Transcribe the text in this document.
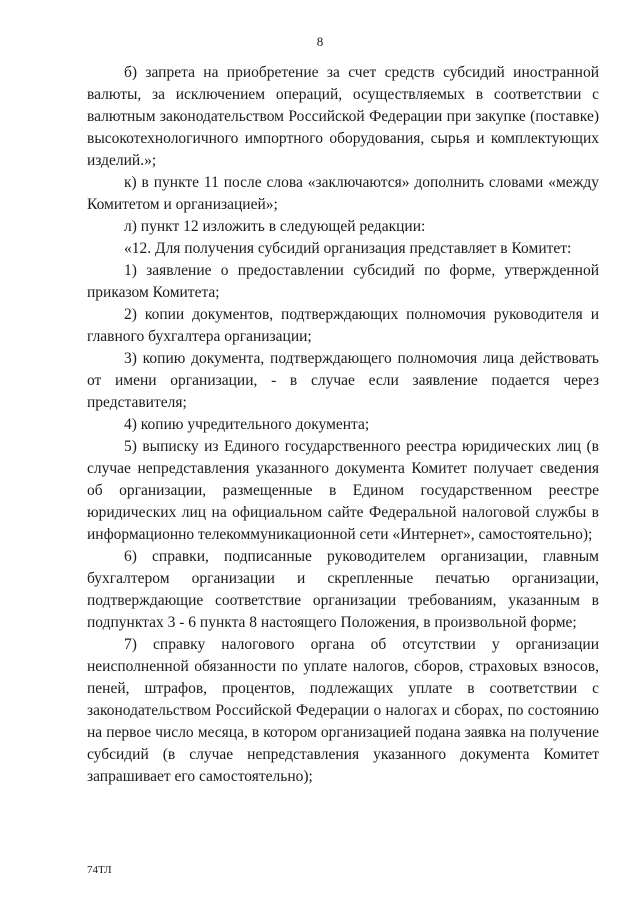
8

б) запрета на приобретение за счет средств субсидий иностранной валюты, за исключением операций, осуществляемых в соответствии с валютным законодательством Российской Федерации при закупке (поставке) высокотехнологичного импортного оборудования, сырья и комплектующих изделий.»;

к) в пункте 11 после слова «заключаются» дополнить словами «между Комитетом и организацией»;

л) пункт 12 изложить в следующей редакции:

«12. Для получения субсидий организация представляет в Комитет:

1) заявление о предоставлении субсидий по форме, утвержденной приказом Комитета;

2) копии документов, подтверждающих полномочия руководителя и главного бухгалтера организации;

3) копию документа, подтверждающего полномочия лица действовать от имени организации, - в случае если заявление подается через представителя;

4) копию учредительного документа;

5) выписку из Единого государственного реестра юридических лиц (в случае непредставления указанного документа Комитет получает сведения об организации, размещенные в Едином государственном реестре юридических лиц на официальном сайте Федеральной налоговой службы в информационно телекоммуникационной сети «Интернет», самостоятельно);

6) справки, подписанные руководителем организации, главным бухгалтером организации и скрепленные печатью организации, подтверждающие соответствие организации требованиям, указанным в подпунктах 3 - 6 пункта 8 настоящего Положения, в произвольной форме;

7) справку налогового органа об отсутствии у организации неисполненной обязанности по уплате налогов, сборов, страховых взносов, пеней, штрафов, процентов, подлежащих уплате в соответствии с законодательством Российской Федерации о налогах и сборах, по состоянию на первое число месяца, в котором организацией подана заявка на получение субсидий (в случае непредставления указанного документа Комитет запрашивает его самостоятельно);

74ТЛ
